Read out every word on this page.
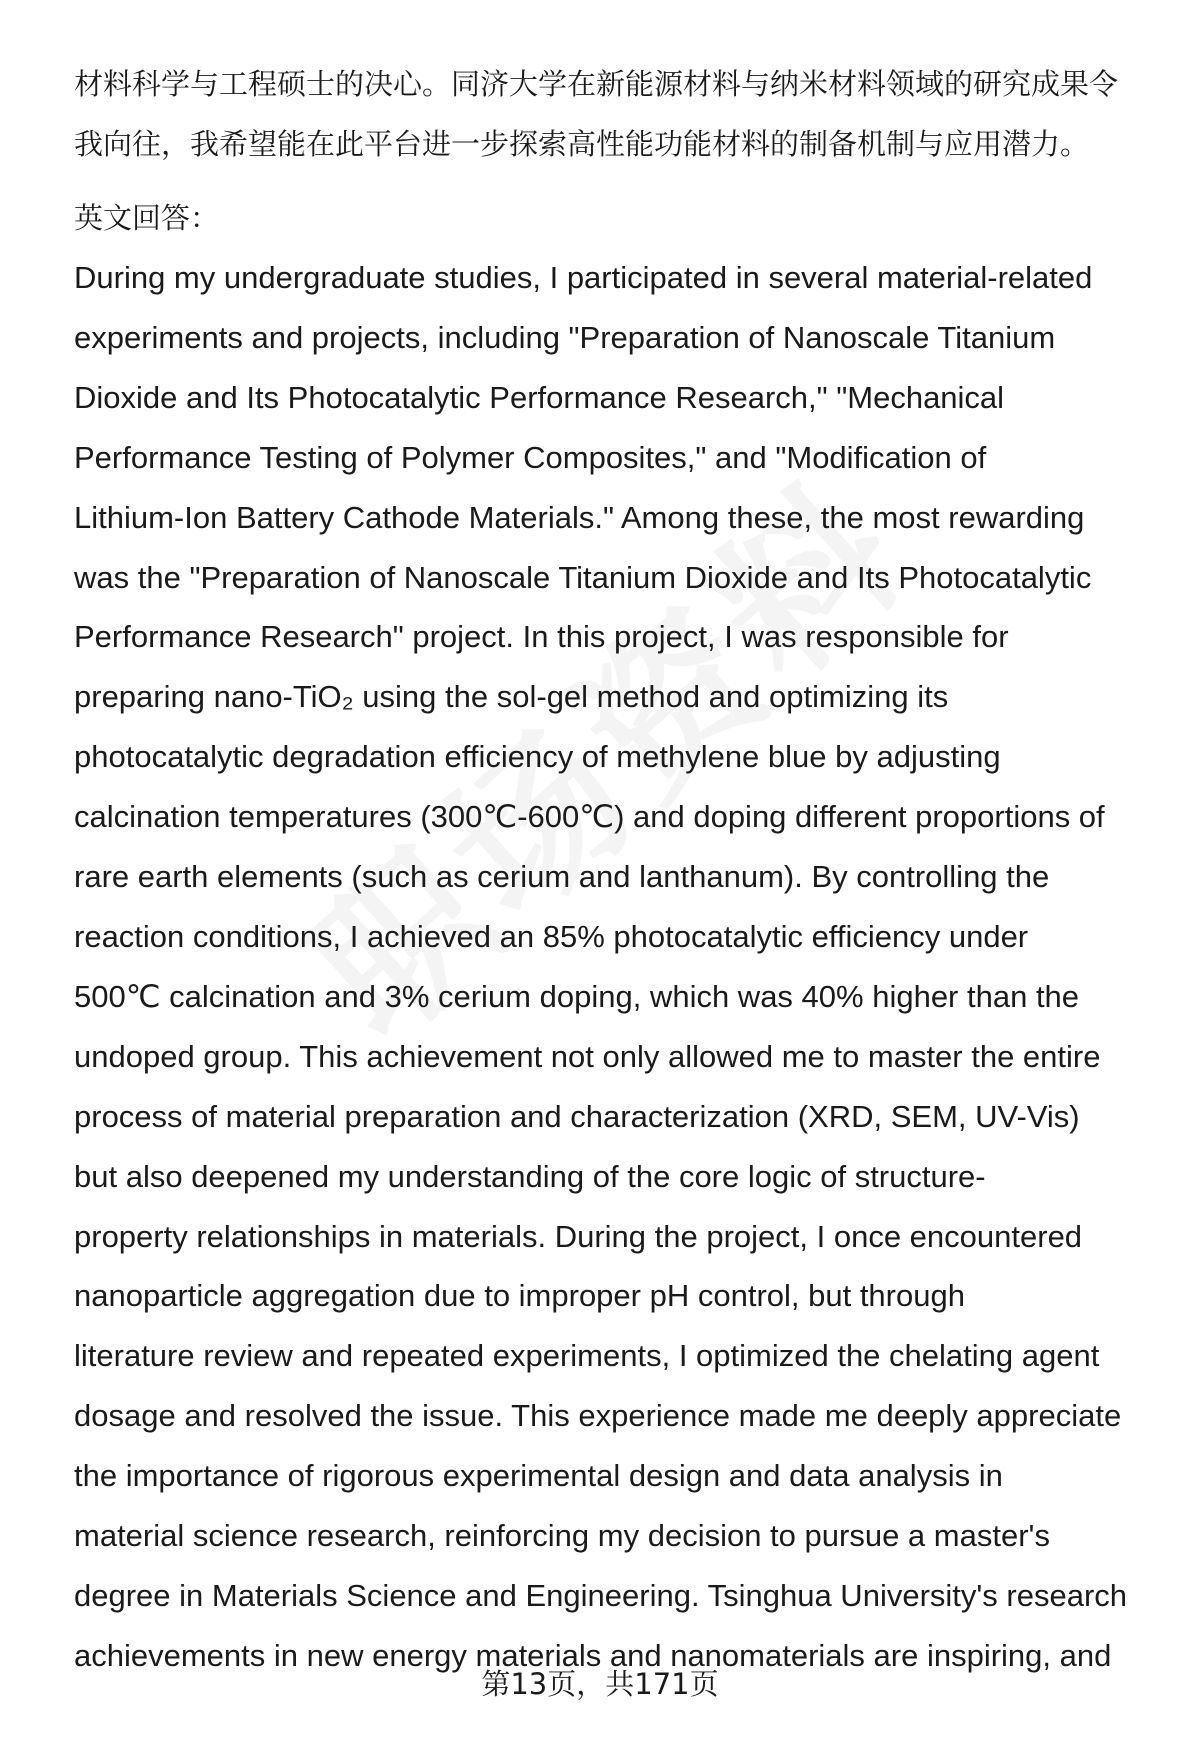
材料科学与工程硕士的决心。同济大学在新能源材料与纳米材料领域的研究成果令
我向往，我希望能在此平台进一步探索高性能功能材料的制备机制与应用潜力。

英文回答：

During my undergraduate studies, I participated in several material-related
experiments and projects, including "Preparation of Nanoscale Titanium
Dioxide and Its Photocatalytic Performance Research," "Mechanical
Performance Testing of Polymer Composites," and "Modification of
Lithium-Ion Battery Cathode Materials." Among these, the most rewarding
was the "Preparation of Nanoscale Titanium Dioxide and Its Photocatalytic
Performance Research" project. In this project, I was responsible for
preparing nano-TiO₂ using the sol-gel method and optimizing its
photocatalytic degradation efficiency of methylene blue by adjusting
calcination temperatures (300℃-600℃) and doping different proportions of
rare earth elements (such as cerium and lanthanum). By controlling the
reaction conditions, I achieved an 85% photocatalytic efficiency under
500℃ calcination and 3% cerium doping, which was 40% higher than the
undoped group. This achievement not only allowed me to master the entire
process of material preparation and characterization (XRD, SEM, UV-Vis)
but also deepened my understanding of the core logic of structure-
property relationships in materials. During the project, I once encountered
nanoparticle aggregation due to improper pH control, but through
literature review and repeated experiments, I optimized the chelating agent
dosage and resolved the issue. This experience made me deeply appreciate
the importance of rigorous experimental design and data analysis in
material science research, reinforcing my decision to pursue a master's
degree in Materials Science and Engineering. Tsinghua University's research
achievements in new energy materials and nanomaterials are inspiring, and
第13页，共171页
